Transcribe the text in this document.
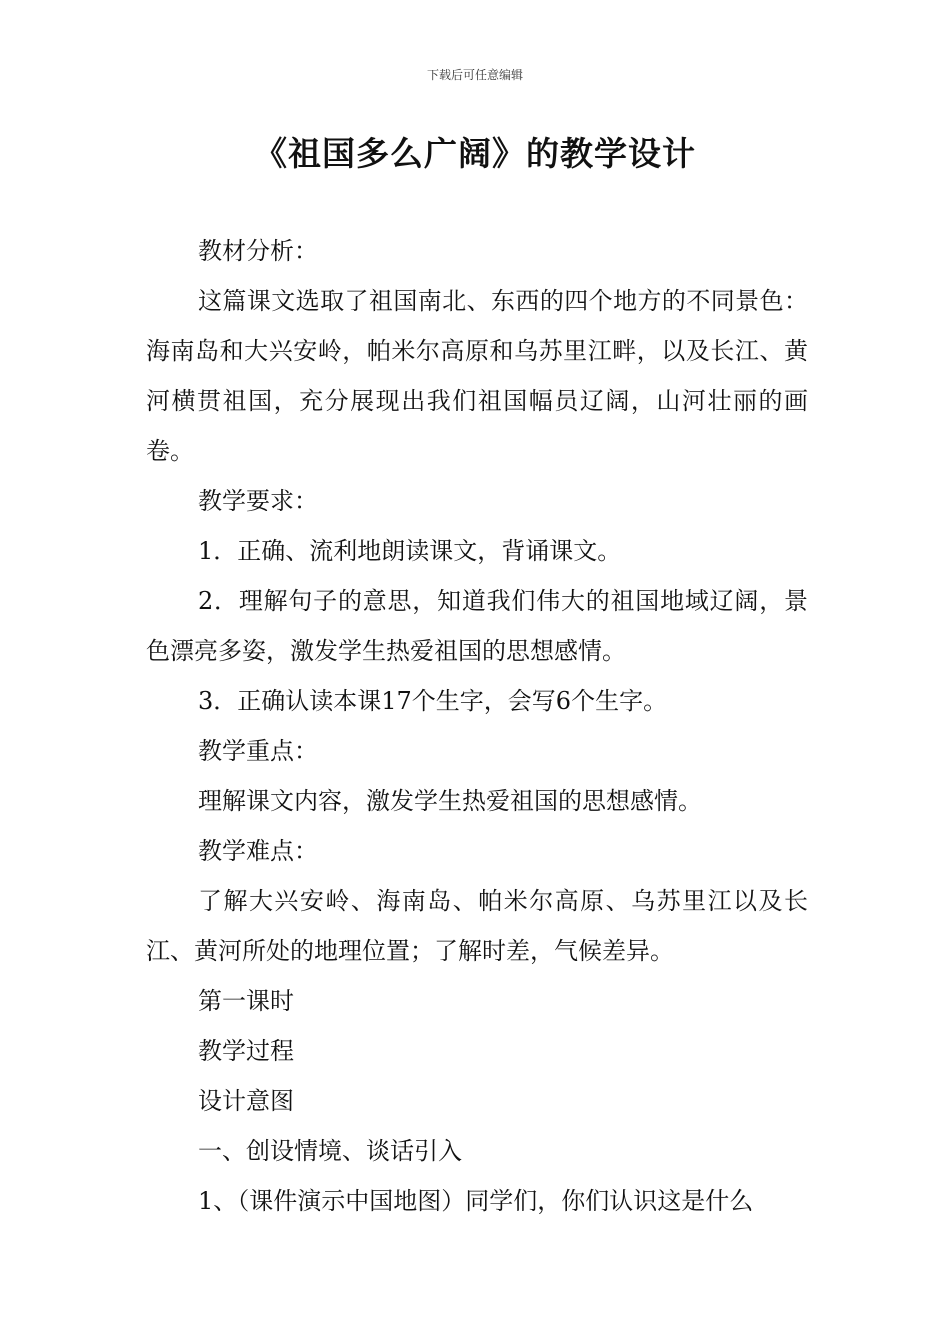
下载后可任意编辑
《祖国多么广阔》的教学设计

教材分析：

这篇课文选取了祖国南北、东西的四个地方的不同景色：海南岛和大兴安岭，帕米尔高原和乌苏里江畔，以及长江、黄河横贯祖国，充分展现出我们祖国幅员辽阔，山河壮丽的画卷。

教学要求：

1．正确、流利地朗读课文，背诵课文。

2．理解句子的意思，知道我们伟大的祖国地域辽阔，景色漂亮多姿，激发学生热爱祖国的思想感情。

3．正确认读本课17个生字，会写6个生字。

教学重点：

理解课文内容，激发学生热爱祖国的思想感情。

教学难点：

了解大兴安岭、海南岛、帕米尔高原、乌苏里江以及长江、黄河所处的地理位置；了解时差，气候差异。

第一课时

教学过程

设计意图

一、创设情境、谈话引入

1、（课件演示中国地图）同学们，你们认识这是什么
